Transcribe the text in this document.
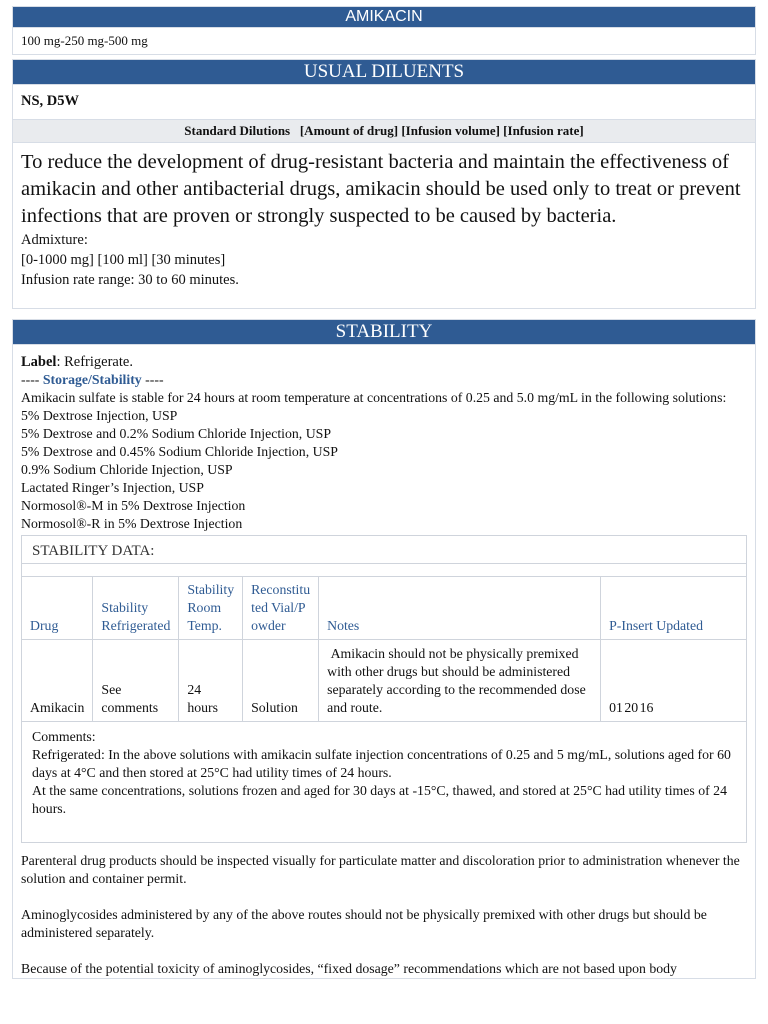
AMIKACIN
100 mg-250 mg-500 mg
USUAL DILUENTS
NS, D5W
Standard Dilutions   [Amount of drug] [Infusion volume] [Infusion rate]
To reduce the development of drug-resistant bacteria and maintain the effectiveness of amikacin and other antibacterial drugs, amikacin should be used only to treat or prevent infections that are proven or strongly suspected to be caused by bacteria.
Admixture:
[0-1000 mg] [100 ml] [30 minutes]
Infusion rate range: 30 to 60 minutes.
STABILITY
Label: Refrigerate.
---- Storage/Stability ----
Amikacin sulfate is stable for 24 hours at room temperature at concentrations of 0.25 and 5.0 mg/mL in the following solutions:
5% Dextrose Injection, USP
5% Dextrose and 0.2% Sodium Chloride Injection, USP
5% Dextrose and 0.45% Sodium Chloride Injection, USP
0.9% Sodium Chloride Injection, USP
Lactated Ringer’s Injection, USP
Normosol®-M in 5% Dextrose Injection
Normosol®-R in 5% Dextrose Injection
STABILITY DATA:
Drug	Stability Refrigerated	Stability Room Temp.	Reconstituted Vial/Powder	Notes	P-Insert Updated
Amikacin	See comments	24 hours	Solution	Amikacin should not be physically premixed with other drugs but should be administered separately according to the recommended dose and route.	01 20 16
Comments:
Refrigerated: In the above solutions with amikacin sulfate injection concentrations of 0.25 and 5 mg/mL, solutions aged for 60 days at 4°C and then stored at 25°C had utility times of 24 hours.
At the same concentrations, solutions frozen and aged for 30 days at -15°C, thawed, and stored at 25°C had utility times of 24 hours.
Parenteral drug products should be inspected visually for particulate matter and discoloration prior to administration whenever the solution and container permit.
Aminoglycosides administered by any of the above routes should not be physically premixed with other drugs but should be administered separately.
Because of the potential toxicity of aminoglycosides, “fixed dosage” recommendations which are not based upon body
